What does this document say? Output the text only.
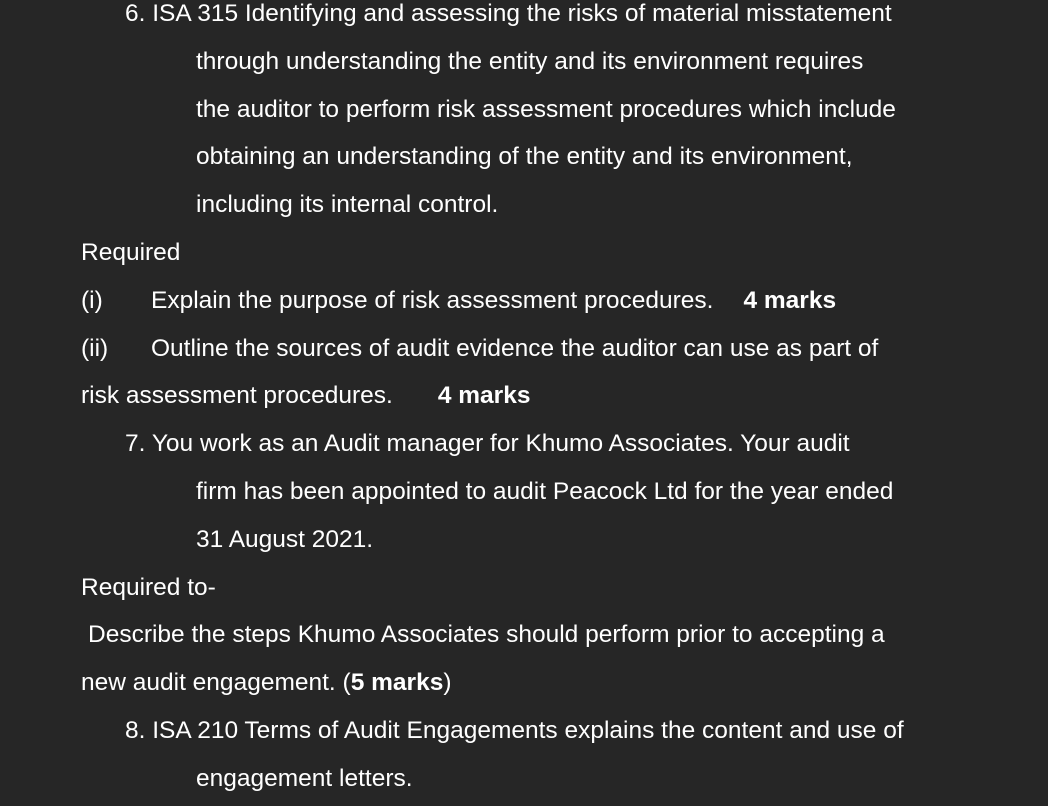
6. ISA 315 Identifying and assessing the risks of material misstatement
through understanding the entity and its environment requires
the auditor to perform risk assessment procedures which include
obtaining an understanding of the entity and its environment,
including its internal control.
Required
(i) Explain the purpose of risk assessment procedures. 4 marks
(ii) Outline the sources of audit evidence the auditor can use as part of
risk assessment procedures. 4 marks
7. You work as an Audit manager for Khumo Associates. Your audit
firm has been appointed to audit Peacock Ltd for the year ended
31 August 2021.
Required to-
Describe the steps Khumo Associates should perform prior to accepting a
new audit engagement. (5 marks)
8. ISA 210 Terms of Audit Engagements explains the content and use of
engagement letters.
